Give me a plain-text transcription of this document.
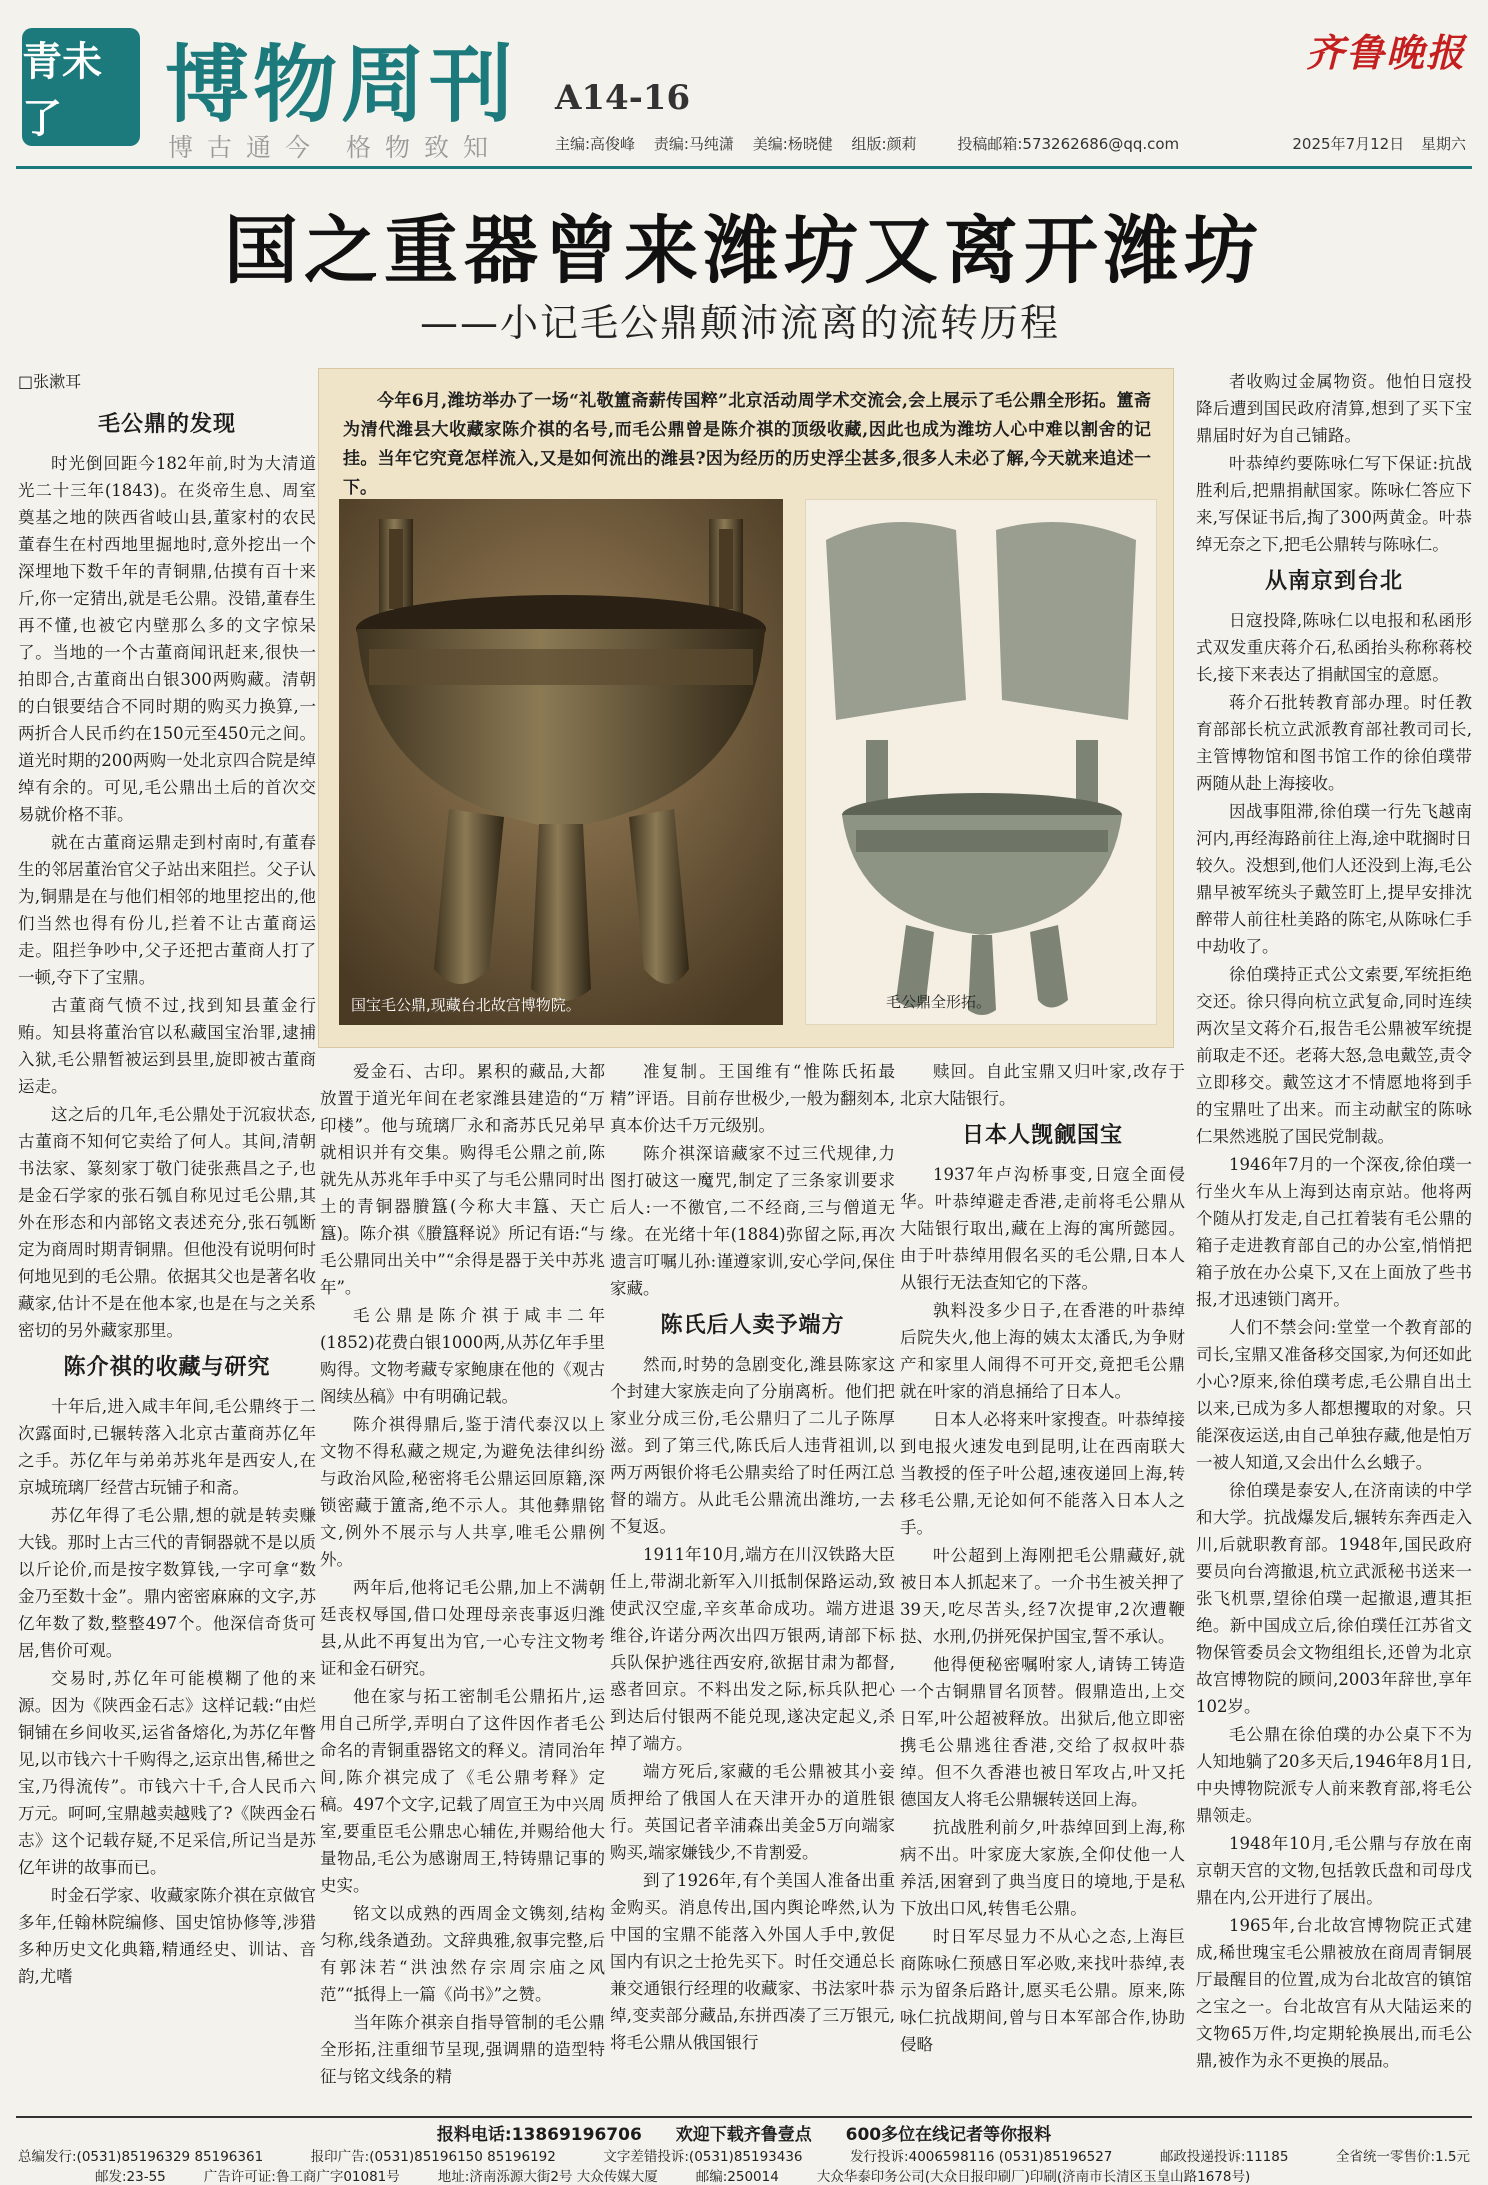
青未了	博物周刊 A14-16
齐鲁晚报
博古通今 格物致知	主编:高俊峰 责编:马纯潇 美编:杨晓健 组版:颜莉	投稿邮箱:573262686@qq.com	2025年7月12日 星期六
国之重器曾来潍坊又离开潍坊
——小记毛公鼎颠沛流离的流转历程
□张漱耳
毛公鼎的发现

时光倒回距今182年前,时为大清道光二十三年(1843)。在炎帝生息、周室奠基之地的陕西省岐山县,董家村的农民董春生在村西地里掘地时,意外挖出一个深埋地下数千年的青铜鼎,估摸有百十来斤,你一定猜出,就是毛公鼎。没错,董春生再不懂,也被它内壁那么多的文字惊呆了。当地的一个古董商闻讯赶来,很快一拍即合,古董商出白银300两购藏。清朝的白银要结合不同时期的购买力换算,一两折合人民币约在150元至450元之间。道光时期的200两购一处北京四合院是绰绰有余的。可见,毛公鼎出土后的首次交易就价格不菲。

就在古董商运鼎走到村南时,有董春生的邻居董治官父子站出来阻拦。父子认为,铜鼎是在与他们相邻的地里挖出的,他们当然也得有份儿,拦着不让古董商运走。阻拦争吵中,父子还把古董商人打了一顿,夺下了宝鼎。

古董商气愤不过,找到知县董金行贿。知县将董治官以私藏国宝治罪,逮捕入狱,毛公鼎暂被运到县里,旋即被古董商运走。

这之后的几年,毛公鼎处于沉寂状态,古董商不知何它卖给了何人。其间,清朝书法家、篆刻家丁敬门徒张燕昌之子,也是金石学家的张石瓠自称见过毛公鼎,其外在形态和内部铭文表述充分,张石瓠断定为商周时期青铜鼎。但他没有说明何时何地见到的毛公鼎。依据其父也是著名收藏家,估计不是在他本家,也是在与之关系密切的另外藏家那里。

陈介祺的收藏与研究

十年后,进入咸丰年间,毛公鼎终于二次露面时,已辗转落入北京古董商苏亿年之手。苏亿年与弟弟苏兆年是西安人,在京城琉璃厂经营古玩铺子和斋。

苏亿年得了毛公鼎,想的就是转卖赚大钱。那时上古三代的青铜器就不是以质以斤论价,而是按字数算钱,一字可拿“数金乃至数十金”。鼎内密密麻麻的文字,苏亿年数了数,整整497个。他深信奇货可居,售价可观。

交易时,苏亿年可能模糊了他的来源。因为《陕西金石志》这样记载:“由烂铜铺在乡间收买,运省备熔化,为苏亿年瞥见,以市钱六十千购得之,运京出售,稀世之宝,乃得流传”。市钱六十千,合人民币六万元。呵呵,宝鼎越卖越贱了?《陕西金石志》这个记载存疑,不足采信,所记当是苏亿年讲的故事而已。

时金石学家、收藏家陈介祺在京做官多年,任翰林院编修、国史馆协修等,涉猎多种历史文化典籍,精通经史、训诂、音韵,尤嗜

今年6月,潍坊举办了一场“礼敬簠斋薪传国粹”北京活动周学术交流会,会上展示了毛公鼎全形拓。簠斋为清代潍县大收藏家陈介祺的名号,而毛公鼎曾是陈介祺的顶级收藏,因此也成为潍坊人心中难以割舍的记挂。当年它究竟怎样流入,又是如何流出的潍县?因为经历的历史浮尘甚多,很多人未必了解,今天就来追述一下。

国宝毛公鼎,现藏台北故宫博物院。	毛公鼎全形拓。

爱金石、古印。累积的藏品,大都放置于道光年间在老家潍县建造的“万印楼”。他与琉璃厂永和斋苏氏兄弟早就相识并有交集。购得毛公鼎之前,陈就先从苏兆年手中买了与毛公鼎同时出土的青铜器賸簋(今称大丰簋、天亡簋)。陈介祺《賸簋释说》所记有语:“与毛公鼎同出关中”“余得是器于关中苏兆年”。

毛公鼎是陈介祺于咸丰二年(1852)花费白银1000两,从苏亿年手里购得。文物考藏专家鲍康在他的《观古阁续丛稿》中有明确记载。

陈介祺得鼎后,鉴于清代泰汉以上文物不得私藏之规定,为避免法律纠纷与政治风险,秘密将毛公鼎运回原籍,深锁密藏于簠斋,绝不示人。其他彝鼎铭文,例外不展示与人共享,唯毛公鼎例外。

两年后,他将记毛公鼎,加上不满朝廷丧权辱国,借口处理母亲丧事返归潍县,从此不再复出为官,一心专注文物考证和金石研究。

他在家与拓工密制毛公鼎拓片,运用自己所学,弄明白了这件因作者毛公命名的青铜重器铭文的释义。清同治年间,陈介祺完成了《毛公鼎考释》定稿。497个文字,记载了周宣王为中兴周室,要重臣毛公鼎忠心辅佐,并赐给他大量物品,毛公为感谢周王,特铸鼎记事的史实。

铭文以成熟的西周金文镌刻,结构匀称,线条遒劲。文辞典雅,叙事完整,后有郭沫若“洪浊然存宗周宗庙之风范”“抵得上一篇《尚书》”之赞。

当年陈介祺亲自指导管制的毛公鼎全形拓,注重细节呈现,强调鼎的造型特征与铭文线条的精

准复制。王国维有“惟陈氏拓最精”评语。目前存世极少,一般为翻刻本,真本价达千万元级别。

陈介祺深谙藏家不过三代规律,力图打破这一魔咒,制定了三条家训要求后人:一不徼官,二不经商,三与僧道无缘。在光绪十年(1884)弥留之际,再次遗言叮嘱儿孙:谨遵家训,安心学问,保住家藏。

陈氏后人卖予端方

然而,时势的急剧变化,潍县陈家这个封建大家族走向了分崩离析。他们把家业分成三份,毛公鼎归了二儿子陈厚滋。到了第三代,陈氏后人违背祖训,以两万两银价将毛公鼎卖给了时任两江总督的端方。从此毛公鼎流出潍坊,一去不复返。

1911年10月,端方在川汉铁路大臣任上,带湖北新军入川抵制保路运动,致使武汉空虚,辛亥革命成功。端方进退维谷,许诺分两次出四万银两,请部下标兵队保护逃往西安府,欲据甘肃为都督,惑者回京。不料出发之际,标兵队把心到达后付银两不能兑现,遂决定起义,杀掉了端方。

端方死后,家藏的毛公鼎被其小妾质押给了俄国人在天津开办的道胜银行。英国记者辛浦森出美金5万向端家购买,端家嫌钱少,不肯割爱。

到了1926年,有个美国人准备出重金购买。消息传出,国内舆论哗然,认为中国的宝鼎不能落入外国人手中,敦促国内有识之士抢先买下。时任交通总长兼交通银行经理的收藏家、书法家叶恭绰,变卖部分藏品,东拼西凑了三万银元,将毛公鼎从俄国银行

赎回。自此宝鼎又归叶家,改存于北京大陆银行。

日本人觊觎国宝

1937年卢沟桥事变,日寇全面侵华。叶恭绰避走香港,走前将毛公鼎从大陆银行取出,藏在上海的寓所懿园。由于叶恭绰用假名买的毛公鼎,日本人从银行无法查知它的下落。

孰料没多少日子,在香港的叶恭绰后院失火,他上海的姨太太潘氏,为争财产和家里人闹得不可开交,竟把毛公鼎就在叶家的消息捅给了日本人。

日本人必将来叶家搜查。叶恭绰接到电报火速发电到昆明,让在西南联大当教授的侄子叶公超,速夜递回上海,转移毛公鼎,无论如何不能落入日本人之手。

叶公超到上海刚把毛公鼎藏好,就被日本人抓起来了。一介书生被关押了39天,吃尽苦头,经7次提审,2次遭鞭挞、水刑,仍拼死保护国宝,誓不承认。

他得便秘密嘱咐家人,请铸工铸造一个古铜鼎冒名顶替。假鼎造出,上交日军,叶公超被释放。出狱后,他立即密携毛公鼎逃往香港,交给了叔叔叶恭绰。但不久香港也被日军攻占,叶又托德国友人将毛公鼎辗转送回上海。

抗战胜利前夕,叶恭绰回到上海,称病不出。叶家庞大家族,全仰仗他一人养活,困窘到了典当度日的境地,于是私下放出口风,转售毛公鼎。

时日军尽显力不从心之态,上海巨商陈咏仁预感日军必败,来找叶恭绰,表示为留条后路计,愿买毛公鼎。原来,陈咏仁抗战期间,曾与日本军部合作,协助侵略

者收购过金属物资。他怕日寇投降后遭到国民政府清算,想到了买下宝鼎届时好为自己铺路。

叶恭绰约要陈咏仁写下保证:抗战胜利后,把鼎捐献国家。陈咏仁答应下来,写保证书后,掏了300两黄金。叶恭绰无奈之下,把毛公鼎转与陈咏仁。

从南京到台北

日寇投降,陈咏仁以电报和私函形式双发重庆蒋介石,私函抬头称称蒋校长,接下来表达了捐献国宝的意愿。

蒋介石批转教育部办理。时任教育部部长杭立武派教育部社教司司长,主管博物馆和图书馆工作的徐伯璞带两随从赴上海接收。

因战事阻滞,徐伯璞一行先飞越南河内,再经海路前往上海,途中耽搁时日较久。没想到,他们人还没到上海,毛公鼎早被军统头子戴笠盯上,提早安排沈醉带人前往杜美路的陈宅,从陈咏仁手中劫收了。

徐伯璞持正式公文索要,军统拒绝交还。徐只得向杭立武复命,同时连续两次呈文蒋介石,报告毛公鼎被军统提前取走不还。老蒋大怒,急电戴笠,责令立即移交。戴笠这才不情愿地将到手的宝鼎吐了出来。而主动献宝的陈咏仁果然逃脱了国民党制裁。

1946年7月的一个深夜,徐伯璞一行坐火车从上海到达南京站。他将两个随从打发走,自己扛着装有毛公鼎的箱子走进教育部自己的办公室,悄悄把箱子放在办公桌下,又在上面放了些书报,才迅速锁门离开。

人们不禁会问:堂堂一个教育部的司长,宝鼎又准备移交国家,为何还如此小心?原来,徐伯璞考虑,毛公鼎自出土以来,已成为多人都想攫取的对象。只能深夜运送,由自己单独存藏,他是怕万一被人知道,又会出什么幺蛾子。

徐伯璞是泰安人,在济南读的中学和大学。抗战爆发后,辗转东奔西走入川,后就职教育部。1948年,国民政府要员向台湾撤退,杭立武派秘书送来一张飞机票,望徐伯璞一起撤退,遭其拒绝。新中国成立后,徐伯璞任江苏省文物保管委员会文物组组长,还曾为北京故宫博物院的顾问,2003年辞世,享年102岁。

毛公鼎在徐伯璞的办公桌下不为人知地躺了20多天后,1946年8月1日,中央博物院派专人前来教育部,将毛公鼎领走。

1948年10月,毛公鼎与存放在南京朝天宫的文物,包括敦氏盘和司母戊鼎在内,公开进行了展出。

1965年,台北故宫博物院正式建成,稀世瑰宝毛公鼎被放在商周青铜展厅最醒目的位置,成为台北故宫的镇馆之宝之一。台北故宫有从大陆运来的文物65万件,均定期轮换展出,而毛公鼎,被作为永不更换的展品。

报料电话:13869196706 欢迎下载齐鲁壹点 600多位在线记者等你报料
总编发行:(0531)85196329 85196361	报印广告:(0531)85196150 85196192	文字差错投诉:(0531)85193436	发行投诉:4006598116 (0531)85196527	邮政投递投诉:11185	全省统一零售价:1.5元
邮发:23-55	广告许可证:鲁工商广字01081号	地址:济南泺源大街2号 大众传媒大厦	邮编:250014	大众华泰印务公司(大众日报印刷厂)印刷(济南市长清区玉皇山路1678号)
